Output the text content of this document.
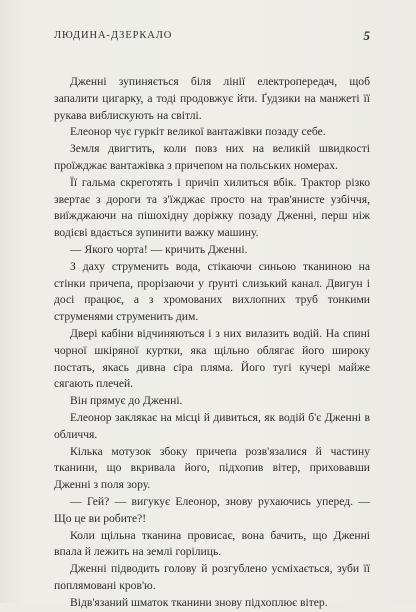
ЛЮДИНА-ДЗЕРКАЛО	5

Дженні зупиняється біля лінії електропередач, щоб запалити цигарку, а тоді продовжує йти. Ґудзики на манжеті її рукава виблискують на світлі.

Елеонор чує гуркіт великої вантажівки позаду себе.

Земля двигтить, коли повз них на великій швидкості проїжджає вантажівка з причепом на польських номерах.

Її гальма скреготять і причіп хилиться вбік. Трактор різко звертає з дороги та з'їжджає просто на трав'янисте узбіччя, виїжджаючи на пішохідну доріжку позаду Дженні, перш ніж водієві вдається зупинити важку машину.

— Якого чорта! — кричить Дженні.

З даху струменить вода, стікаючи синьою тканиною на стінки причепа, прорізаючи у ґрунті слизький канал. Двигун і досі працює, а з хромованих вихлопних труб тонкими струменями струменить дим.

Двері кабіни відчиняються і з них вилазить водій. На спині чорної шкіряної куртки, яка щільно облягає його широку постать, якась дивна сіра пляма. Його тугі кучері майже сягають плечей.

Він прямує до Дженні.

Елеонор заклякає на місці й дивиться, як водій б'є Дженні в обличчя.

Кілька мотузок збоку причепа розв'язалися й частину тканини, що вкривала його, підхопив вітер, приховавши Дженні з поля зору.

— Гей? — вигукує Елеонор, знову рухаючись уперед. — Що це ви робите?!

Коли щільна тканина провисає, вона бачить, що Дженні впала й лежить на землі горілиць.

Дженні підводить голову й розгублено усміхається, зуби її поплямовані кров'ю.

Відв'язаний шматок тканини знову підхоплює вітер.
